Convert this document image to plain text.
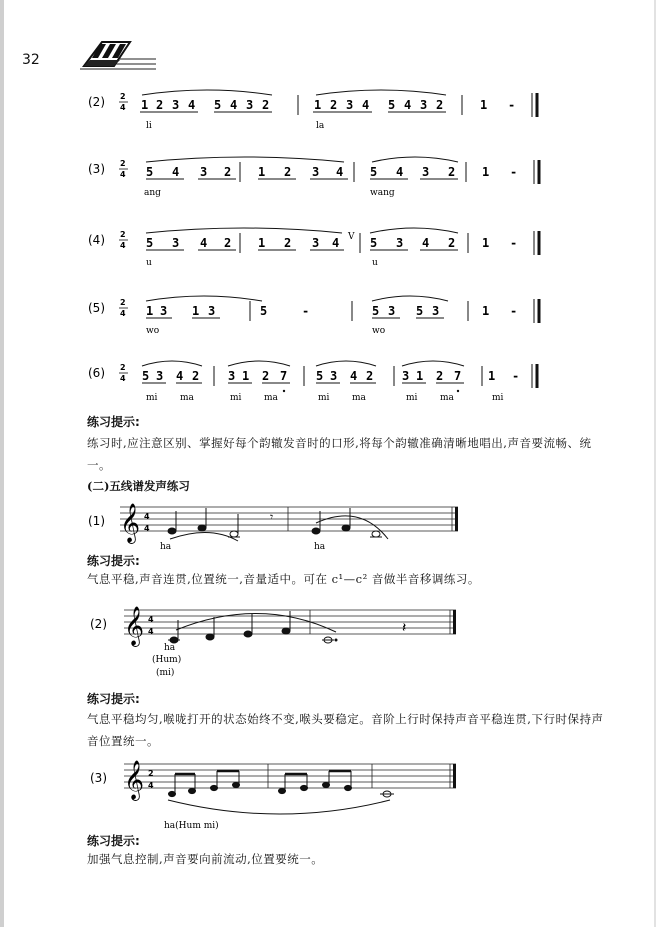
32
(2) 2
4 1 2 3 4 5 4 3 2	1 2 3 4 5 4 3 2	1 -
li	la
(3) 2
4 5 4 3 2 1 2 3 4 5 4 3 2 1 -
ang	wang
(4) 2
4 5 3 4 2 1 2 3 4	5 3 4 2 1 -
V
u	u
(5) 2
4 1 3 1 3	5	-	5 3 5 3	1 -
wo	wo
(6) 2
4 5 3 4 2 3 1 2 7 5 3 4 2 3 1 2 7 1 -
mi	ma	mi	ma	mi	ma	mi	ma	mi
练习提示:
练习时,应注意区别、掌握好每个韵辙发音时的口形,将每个韵辙准确清晰地唱出,声音要流畅、统一。
(二)五线谱发声练习
(1) 𝄞 4
4
𝄾
ha	ha
练习提示:
气息平稳,声音连贯,位置统一,音量适中。可在 c¹—c² 音做半音移调练习。
(2) 𝄞 4
4	𝄽
ha
(Hum)
(mi)
练习提示:
气息平稳均匀,喉咙打开的状态始终不变,喉头要稳定。音阶上行时保持声音平稳连贯,下行时保持声音位置统一。
(3) 𝄞 2
4
ha(Hum mi)
练习提示:
加强气息控制,声音要向前流动,位置要统一。
